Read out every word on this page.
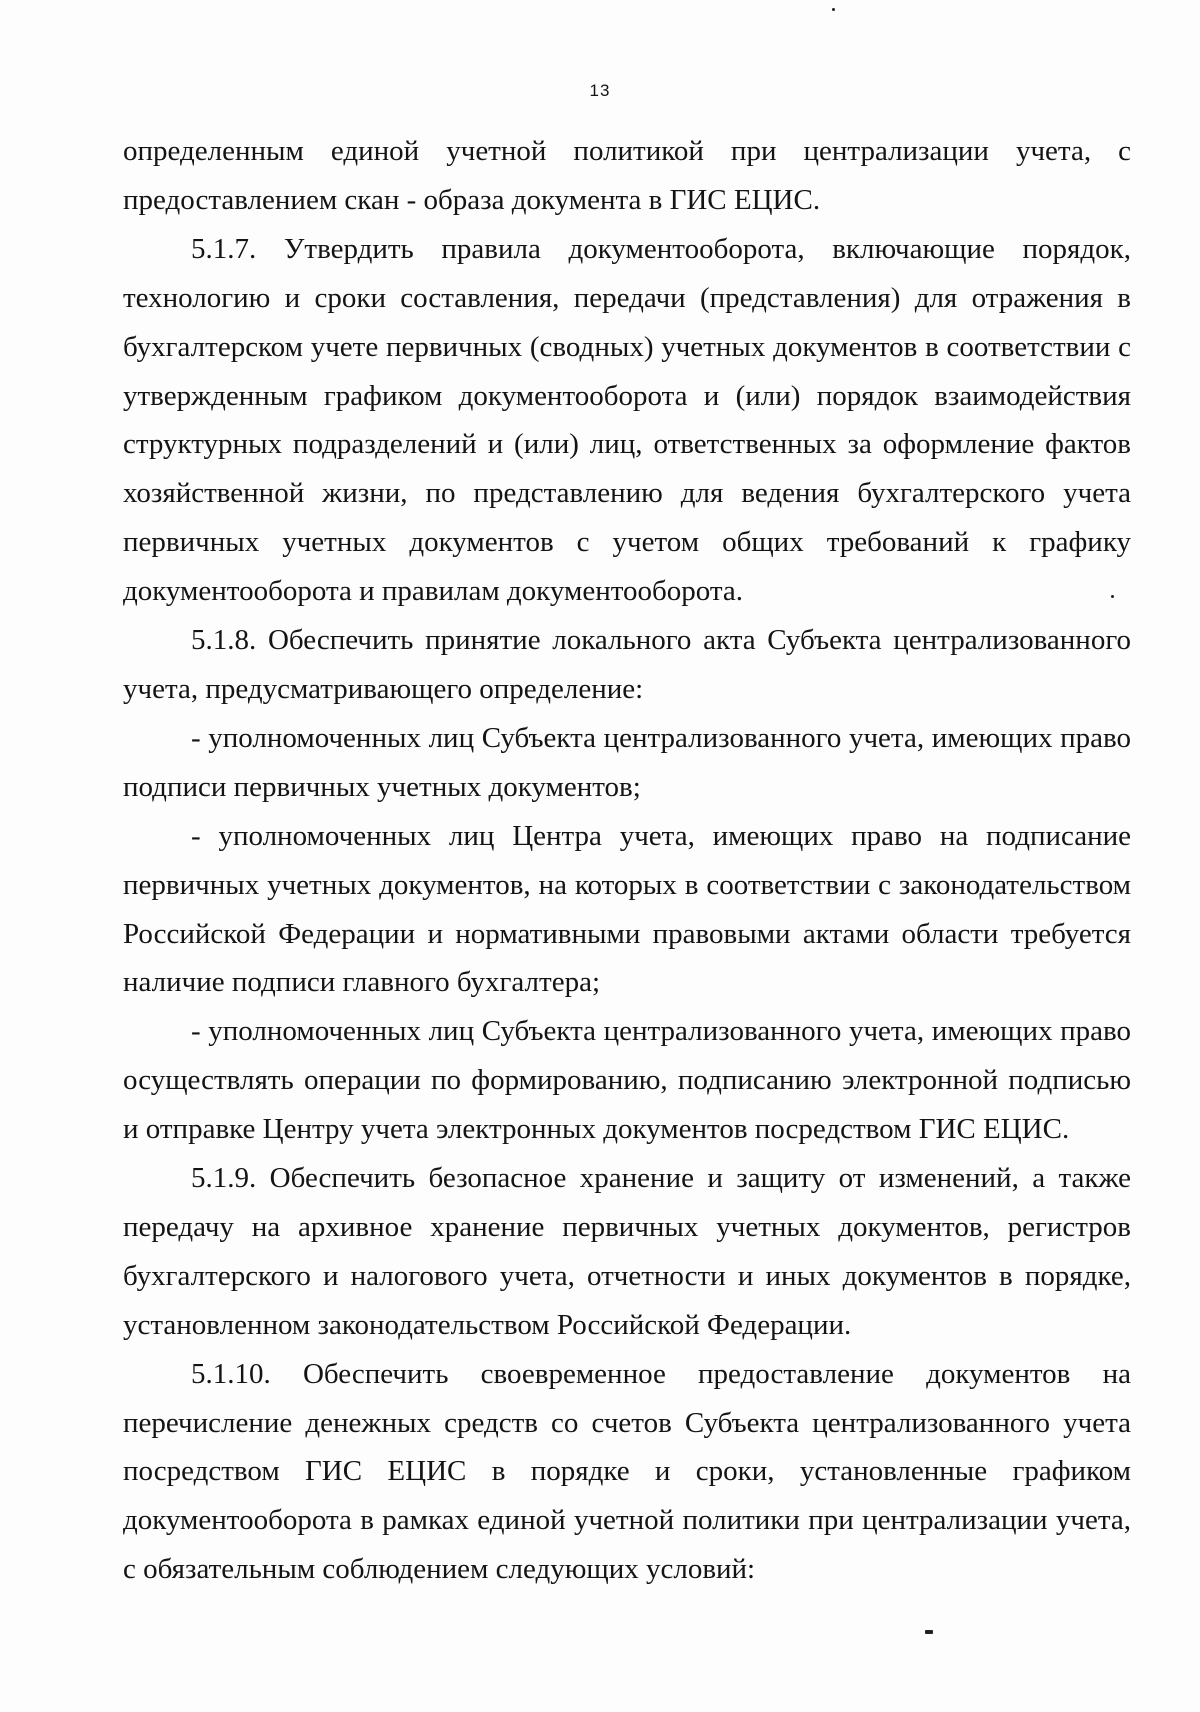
13

определенным единой учетной политикой при централизации учета, с предоставлением скан - образа документа в ГИС ЕЦИС.

5.1.7. Утвердить правила документооборота, включающие порядок, технологию и сроки составления, передачи (представления) для отражения в бухгалтерском учете первичных (сводных) учетных документов в соответствии с утвержденным графиком документооборота и (или) порядок взаимодействия структурных подразделений и (или) лиц, ответственных за оформление фактов хозяйственной жизни, по представлению для ведения бухгалтерского учета первичных учетных документов с учетом общих требований к графику документооборота и правилам документооборота.

5.1.8. Обеспечить принятие локального акта Субъекта централизованного учета, предусматривающего определение:

- уполномоченных лиц Субъекта централизованного учета, имеющих право подписи первичных учетных документов;

- уполномоченных лиц Центра учета, имеющих право на подписание первичных учетных документов, на которых в соответствии с законодательством Российской Федерации и нормативными правовыми актами области требуется наличие подписи главного бухгалтера;

- уполномоченных лиц Субъекта централизованного учета, имеющих право осуществлять операции по формированию, подписанию электронной подписью и отправке Центру учета электронных документов посредством ГИС ЕЦИС.

5.1.9. Обеспечить безопасное хранение и защиту от изменений, а также передачу на архивное хранение первичных учетных документов, регистров бухгалтерского и налогового учета, отчетности и иных документов в порядке, установленном законодательством Российской Федерации.

5.1.10. Обеспечить своевременное предоставление документов на перечисление денежных средств со счетов Субъекта централизованного учета посредством ГИС ЕЦИС в порядке и сроки, установленные графиком документооборота в рамках единой учетной политики при централизации учета, с обязательным соблюдением следующих условий:
